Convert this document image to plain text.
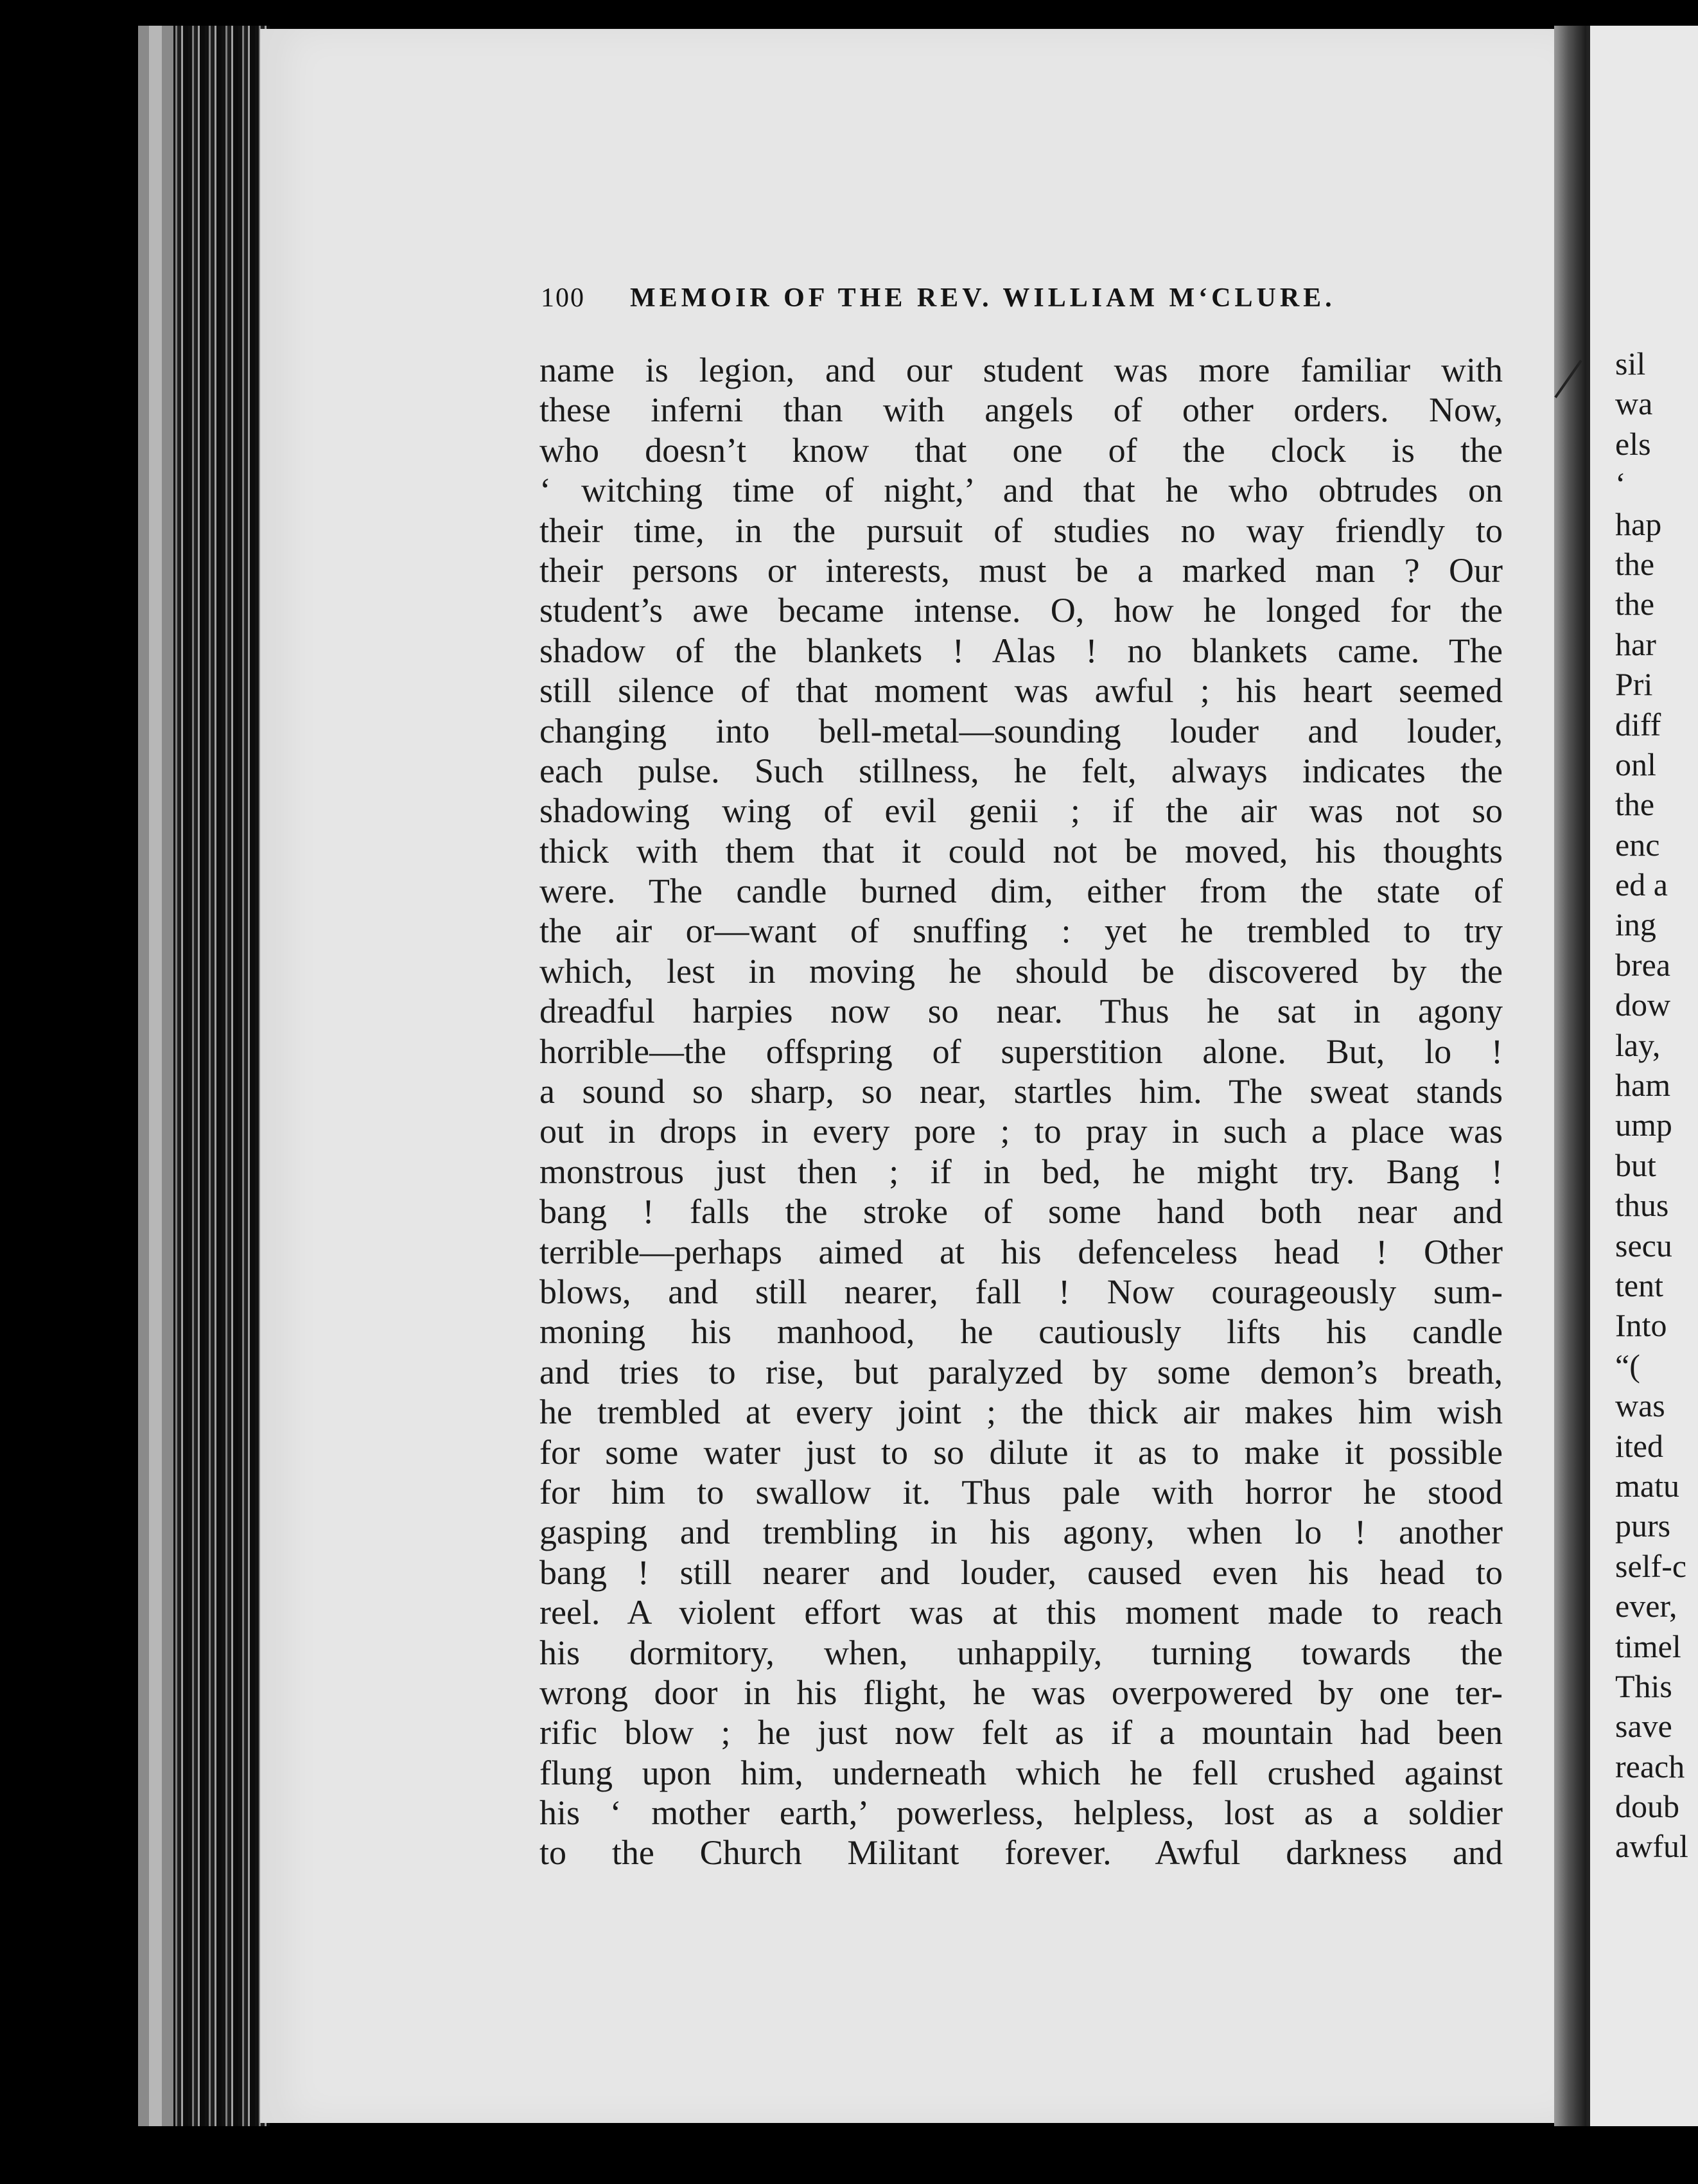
100 MEMOIR OF THE REV. WILLIAM M‘CLURE.
name is legion, and our student was more familiar with
these inferni than with angels of other orders. Now,
who doesn’t know that one of the clock is the
‘ witching time of night,’ and that he who obtrudes on
their time, in the pursuit of studies no way friendly to
their persons or interests, must be a marked man ? Our
student’s awe became intense. O, how he longed for the
shadow of the blankets ! Alas ! no blankets came. The
still silence of that moment was awful ; his heart seemed
changing into bell-metal—sounding louder and louder,
each pulse. Such stillness, he felt, always indicates the
shadowing wing of evil genii ; if the air was not so
thick with them that it could not be moved, his thoughts
were. The candle burned dim, either from the state of
the air or—want of snuffing : yet he trembled to try
which, lest in moving he should be discovered by the
dreadful harpies now so near. Thus he sat in agony
horrible—the offspring of superstition alone. But, lo !
a sound so sharp, so near, startles him. The sweat stands
out in drops in every pore ; to pray in such a place was
monstrous just then ; if in bed, he might try. Bang !
bang ! falls the stroke of some hand both near and
terrible—perhaps aimed at his defenceless head ! Other
blows, and still nearer, fall ! Now courageously sum-
moning his manhood, he cautiously lifts his candle
and tries to rise, but paralyzed by some demon’s breath,
he trembled at every joint ; the thick air makes him wish
for some water just to so dilute it as to make it possible
for him to swallow it. Thus pale with horror he stood
gasping and trembling in his agony, when lo ! another
bang ! still nearer and louder, caused even his head to
reel. A violent effort was at this moment made to reach
his dormitory, when, unhappily, turning towards the
wrong door in his flight, he was overpowered by one ter-
rific blow ; he just now felt as if a mountain had been
flung upon him, underneath which he fell crushed against
his ‘ mother earth,’ powerless, helpless, lost as a soldier
to the Church Militant forever. Awful darkness and
sil
wa
els
‘
hap
the
the
har
Pri
diff
onl
the
enc
ed a
ing
brea
dow
lay,
ham
ump
but
thus
secu
tent
Into
“(
was
ited
matu
purs
self-c
ever,
timel
This
save
reach
doub
awful
